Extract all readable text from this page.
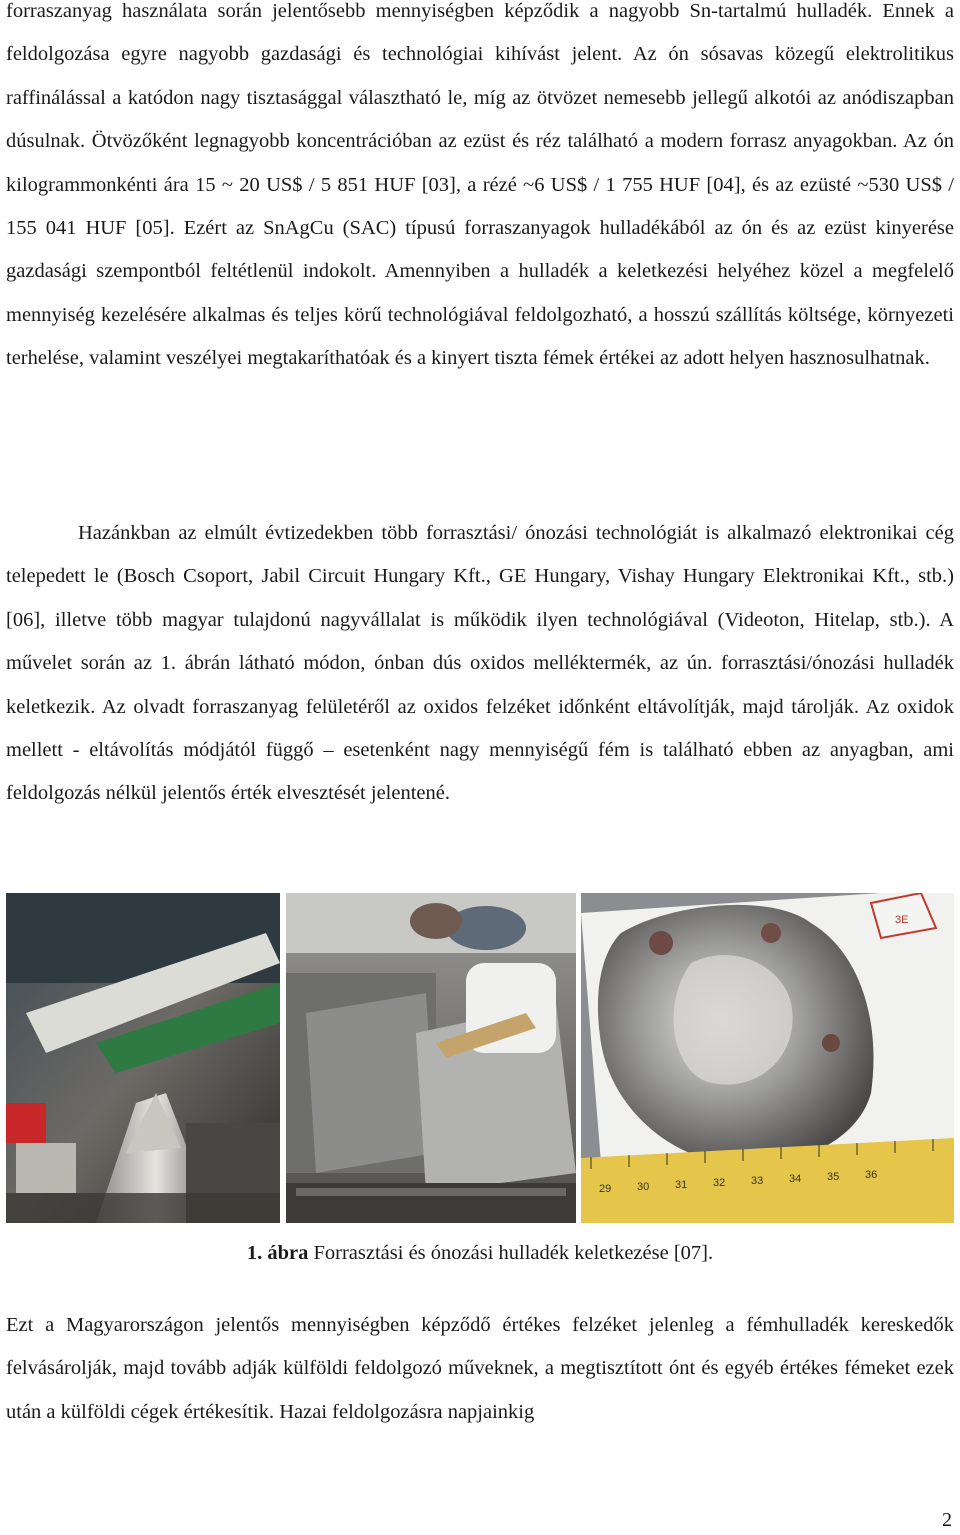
forraszanyag használata során jelentősebb mennyiségben képződik a nagyobb Sn-tartalmú hulladék. Ennek a feldolgozása egyre nagyobb gazdasági és technológiai kihívást jelent. Az ón sósavas közegű elektrolitikus raffinálással a katódon nagy tisztasággal választható le, míg az ötvözet nemesebb jellegű alkotói az anódiszapban dúsulnak. Ötvözőként legnagyobb koncentrációban az ezüst és réz található a modern forrasz anyagokban. Az ón kilogrammonkénti ára 15 ~ 20 US$ / 5 851 HUF [03], a rézé ~6 US$ / 1 755 HUF [04], és az ezüsté ~530 US$ / 155 041 HUF [05]. Ezért az SnAgCu (SAC) típusú forraszanyagok hulladékából az ón és az ezüst kinyerése gazdasági szempontból feltétlenül indokolt. Amennyiben a hulladék a keletkezési helyéhez közel a megfelelő mennyiség kezelésére alkalmas és teljes körű technológiával feldolgozható, a hosszú szállítás költsége, környezeti terhelése, valamint veszélyei megtakaríthatóak és a kinyert tiszta fémek értékei az adott helyen hasznosulhatnak.

Hazánkban az elmúlt évtizedekben több forrasztási/ ónozási technológiát is alkalmazó elektronikai cég telepedett le (Bosch Csoport, Jabil Circuit Hungary Kft., GE Hungary, Vishay Hungary Elektronikai Kft., stb.) [06], illetve több magyar tulajdonú nagyvállalat is működik ilyen technológiával (Videoton, Hitelap, stb.). A művelet során az 1. ábrán látható módon, ónban dús oxidos melléktermék, az ún. forrasztási/ónozási hulladék keletkezik. Az olvadt forraszanyag felületéről az oxidos felzéket időnként eltávolítják, majd tárolják. Az oxidok mellett - eltávolítás módjától függő – esetenként nagy mennyiségű fém is található ebben az anyagban, ami feldolgozás nélkül jelentős érték elvesztését jelentené.

3E
29 30 31 32 33 34 35 36
1. ábra Forrasztási és ónozási hulladék keletkezése [07].

Ezt a Magyarországon jelentős mennyiségben képződő értékes felzéket jelenleg a fémhulladék kereskedők felvásárolják, majd tovább adják külföldi feldolgozó műveknek, a megtisztított ónt és egyéb értékes fémeket ezek után a külföldi cégek értékesítik. Hazai feldolgozásra napjainkig

2
